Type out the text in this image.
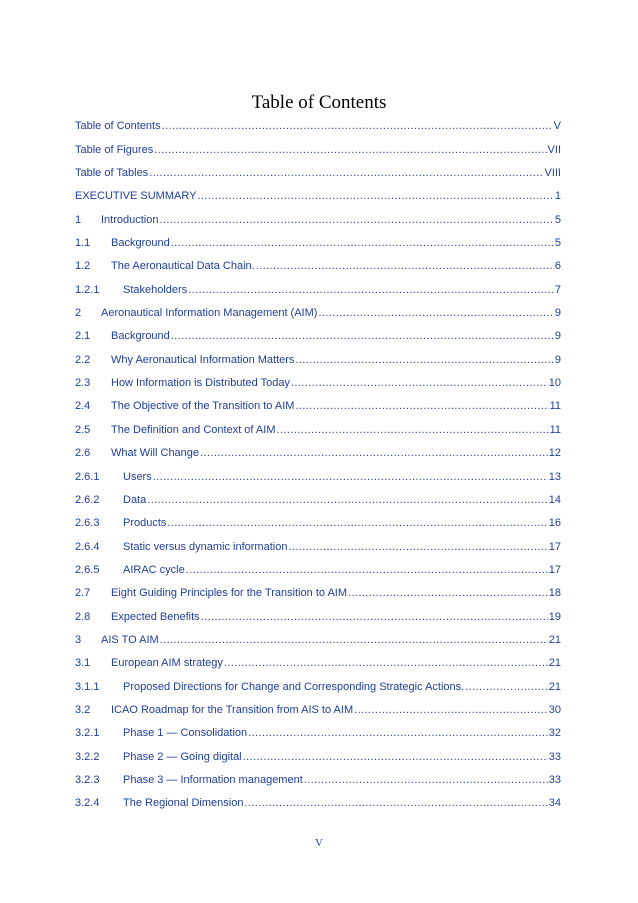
Table of Contents
Table of Contents .....	V
Table of Figures .....	VII
Table of Tables .....	VIII
EXECUTIVE SUMMARY .....	1
1	Introduction .....	5
1.1	Background .....	5
1.2	The Aeronautical Data Chain. .....	6
1.2.1	Stakeholders .....	7
2	Aeronautical Information Management (AIM) .....	9
2.1	Background .....	9
2.2	Why Aeronautical Information Matters .....	9
2.3	How Information is Distributed Today .....	10
2.4	The Objective of the Transition to AIM .....	11
2.5	The Definition and Context of AIM .....	11
2.6	What Will Change .....	12
2.6.1	Users .....	13
2.6.2	Data .....	14
2.6.3	Products .....	16
2.6.4	Static versus dynamic information .....	17
2.6.5	AIRAC cycle .....	17
2.7	Eight Guiding Principles for the Transition to AIM .....	18
2.8	Expected Benefits .....	19
3	AIS TO AIM .....	21
3.1	European AIM strategy .....	21
3.1.1	Proposed Directions for Change and Corresponding Strategic Actions. .....	21
3.2	ICAO Roadmap for the Transition from AIS to AIM .....	30
3.2.1	Phase 1 — Consolidation .....	32
3.2.2	Phase 2 — Going digital .....	33
3.2.3	Phase 3 — Information management .....	33
3.2.4	The Regional Dimension .....	34
V
